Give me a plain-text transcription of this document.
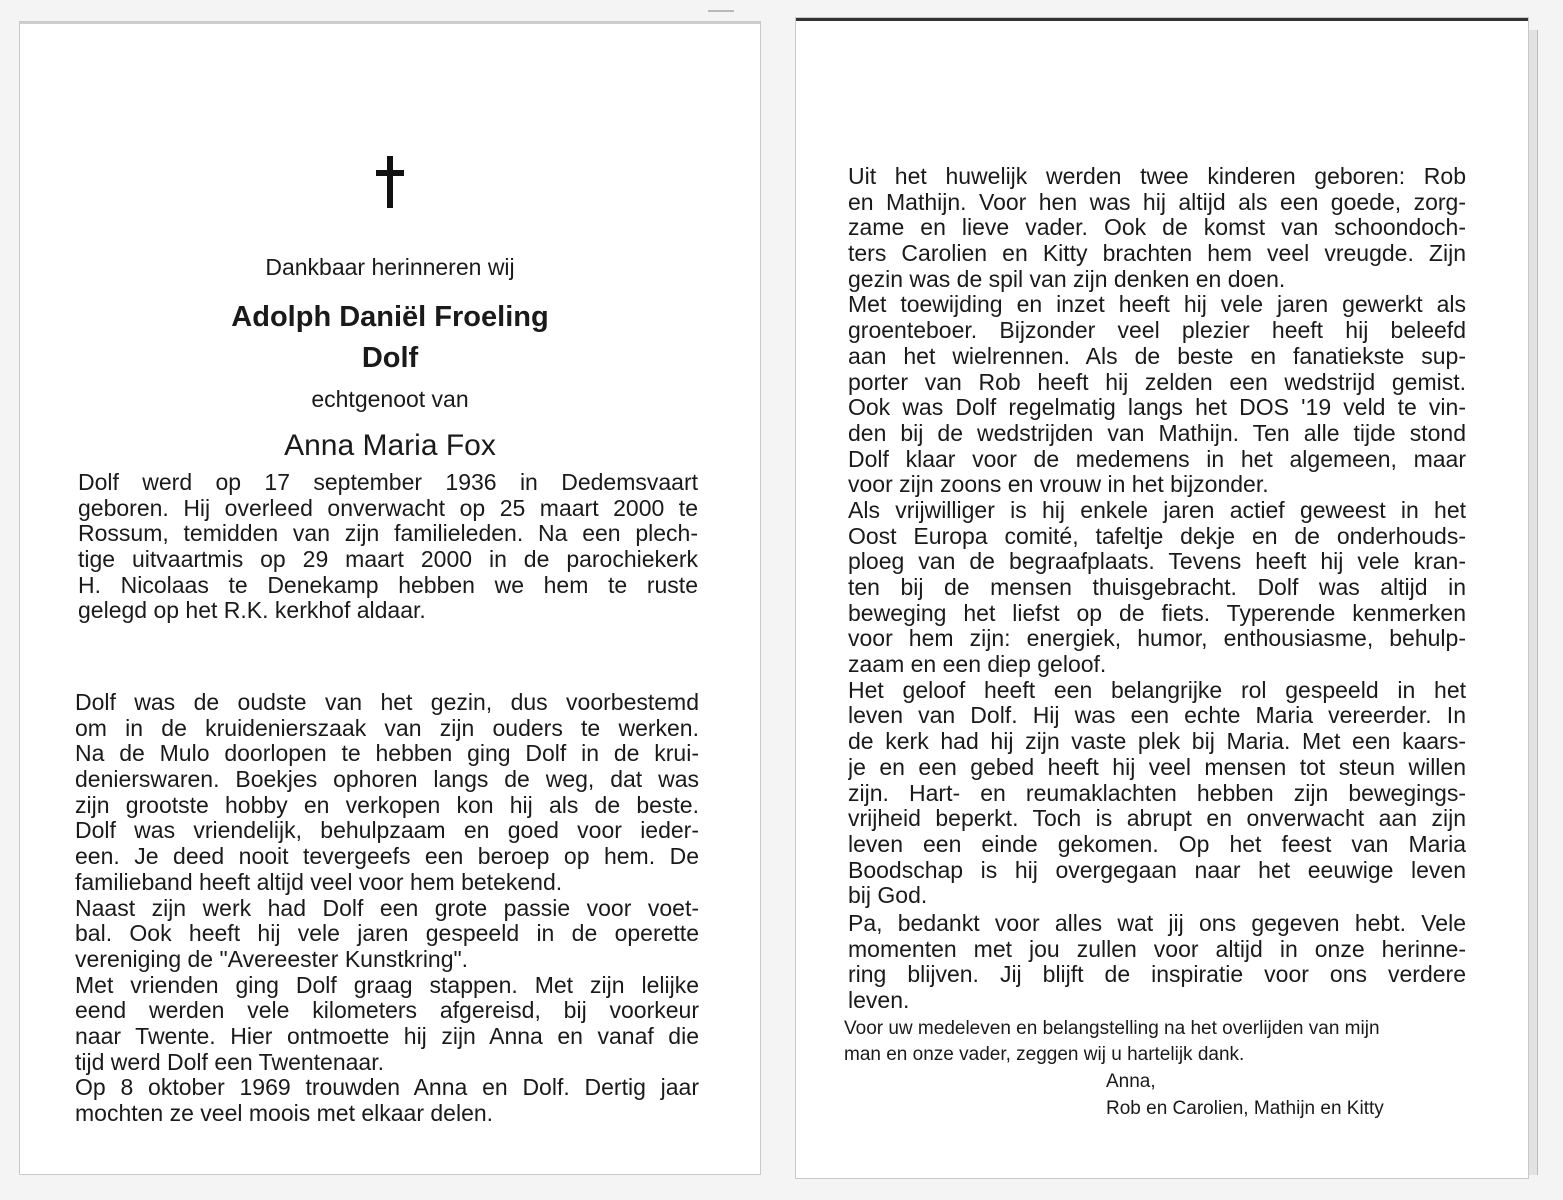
Dankbaar herinneren wij
Adolph Daniël Froeling
Dolf
echtgenoot van
Anna Maria Fox
Dolf werd op 17 september 1936 in Dedemsvaart
geboren. Hij overleed onverwacht op 25 maart 2000 te
Rossum, temidden van zijn familieleden. Na een plech-
tige uitvaartmis op 29 maart 2000 in de parochiekerk
H. Nicolaas te Denekamp hebben we hem te ruste
gelegd op het R.K. kerkhof aldaar.
Dolf was de oudste van het gezin, dus voorbestemd
om in de kruidenierszaak van zijn ouders te werken.
Na de Mulo doorlopen te hebben ging Dolf in de krui-
denierswaren. Boekjes ophoren langs de weg, dat was
zijn grootste hobby en verkopen kon hij als de beste.
Dolf was vriendelijk, behulpzaam en goed voor ieder-
een. Je deed nooit tevergeefs een beroep op hem. De
familieband heeft altijd veel voor hem betekend.
Naast zijn werk had Dolf een grote passie voor voet-
bal. Ook heeft hij vele jaren gespeeld in de operette
vereniging de "Avereester Kunstkring".
Met vrienden ging Dolf graag stappen. Met zijn lelijke
eend werden vele kilometers afgereisd, bij voorkeur
naar Twente. Hier ontmoette hij zijn Anna en vanaf die
tijd werd Dolf een Twentenaar.
Op 8 oktober 1969 trouwden Anna en Dolf. Dertig jaar
mochten ze veel moois met elkaar delen.
Uit het huwelijk werden twee kinderen geboren: Rob
en Mathijn. Voor hen was hij altijd als een goede, zorg-
zame en lieve vader. Ook de komst van schoondoch-
ters Carolien en Kitty brachten hem veel vreugde. Zijn
gezin was de spil van zijn denken en doen.
Met toewijding en inzet heeft hij vele jaren gewerkt als
groenteboer. Bijzonder veel plezier heeft hij beleefd
aan het wielrennen. Als de beste en fanatiekste sup-
porter van Rob heeft hij zelden een wedstrijd gemist.
Ook was Dolf regelmatig langs het DOS '19 veld te vin-
den bij de wedstrijden van Mathijn. Ten alle tijde stond
Dolf klaar voor de medemens in het algemeen, maar
voor zijn zoons en vrouw in het bijzonder.
Als vrijwilliger is hij enkele jaren actief geweest in het
Oost Europa comité, tafeltje dekje en de onderhouds-
ploeg van de begraafplaats. Tevens heeft hij vele kran-
ten bij de mensen thuisgebracht. Dolf was altijd in
beweging het liefst op de fiets. Typerende kenmerken
voor hem zijn: energiek, humor, enthousiasme, behulp-
zaam en een diep geloof.
Het geloof heeft een belangrijke rol gespeeld in het
leven van Dolf. Hij was een echte Maria vereerder. In
de kerk had hij zijn vaste plek bij Maria. Met een kaars-
je en een gebed heeft hij veel mensen tot steun willen
zijn. Hart- en reumaklachten hebben zijn bewegings-
vrijheid beperkt. Toch is abrupt en onverwacht aan zijn
leven een einde gekomen. Op het feest van Maria
Boodschap is hij overgegaan naar het eeuwige leven
bij God.
Pa, bedankt voor alles wat jij ons gegeven hebt. Vele
momenten met jou zullen voor altijd in onze herinne-
ring blijven. Jij blijft de inspiratie voor ons verdere
leven.
Voor uw medeleven en belangstelling na het overlijden van mijn
man en onze vader, zeggen wij u hartelijk dank.
Anna,
Rob en Carolien, Mathijn en Kitty
